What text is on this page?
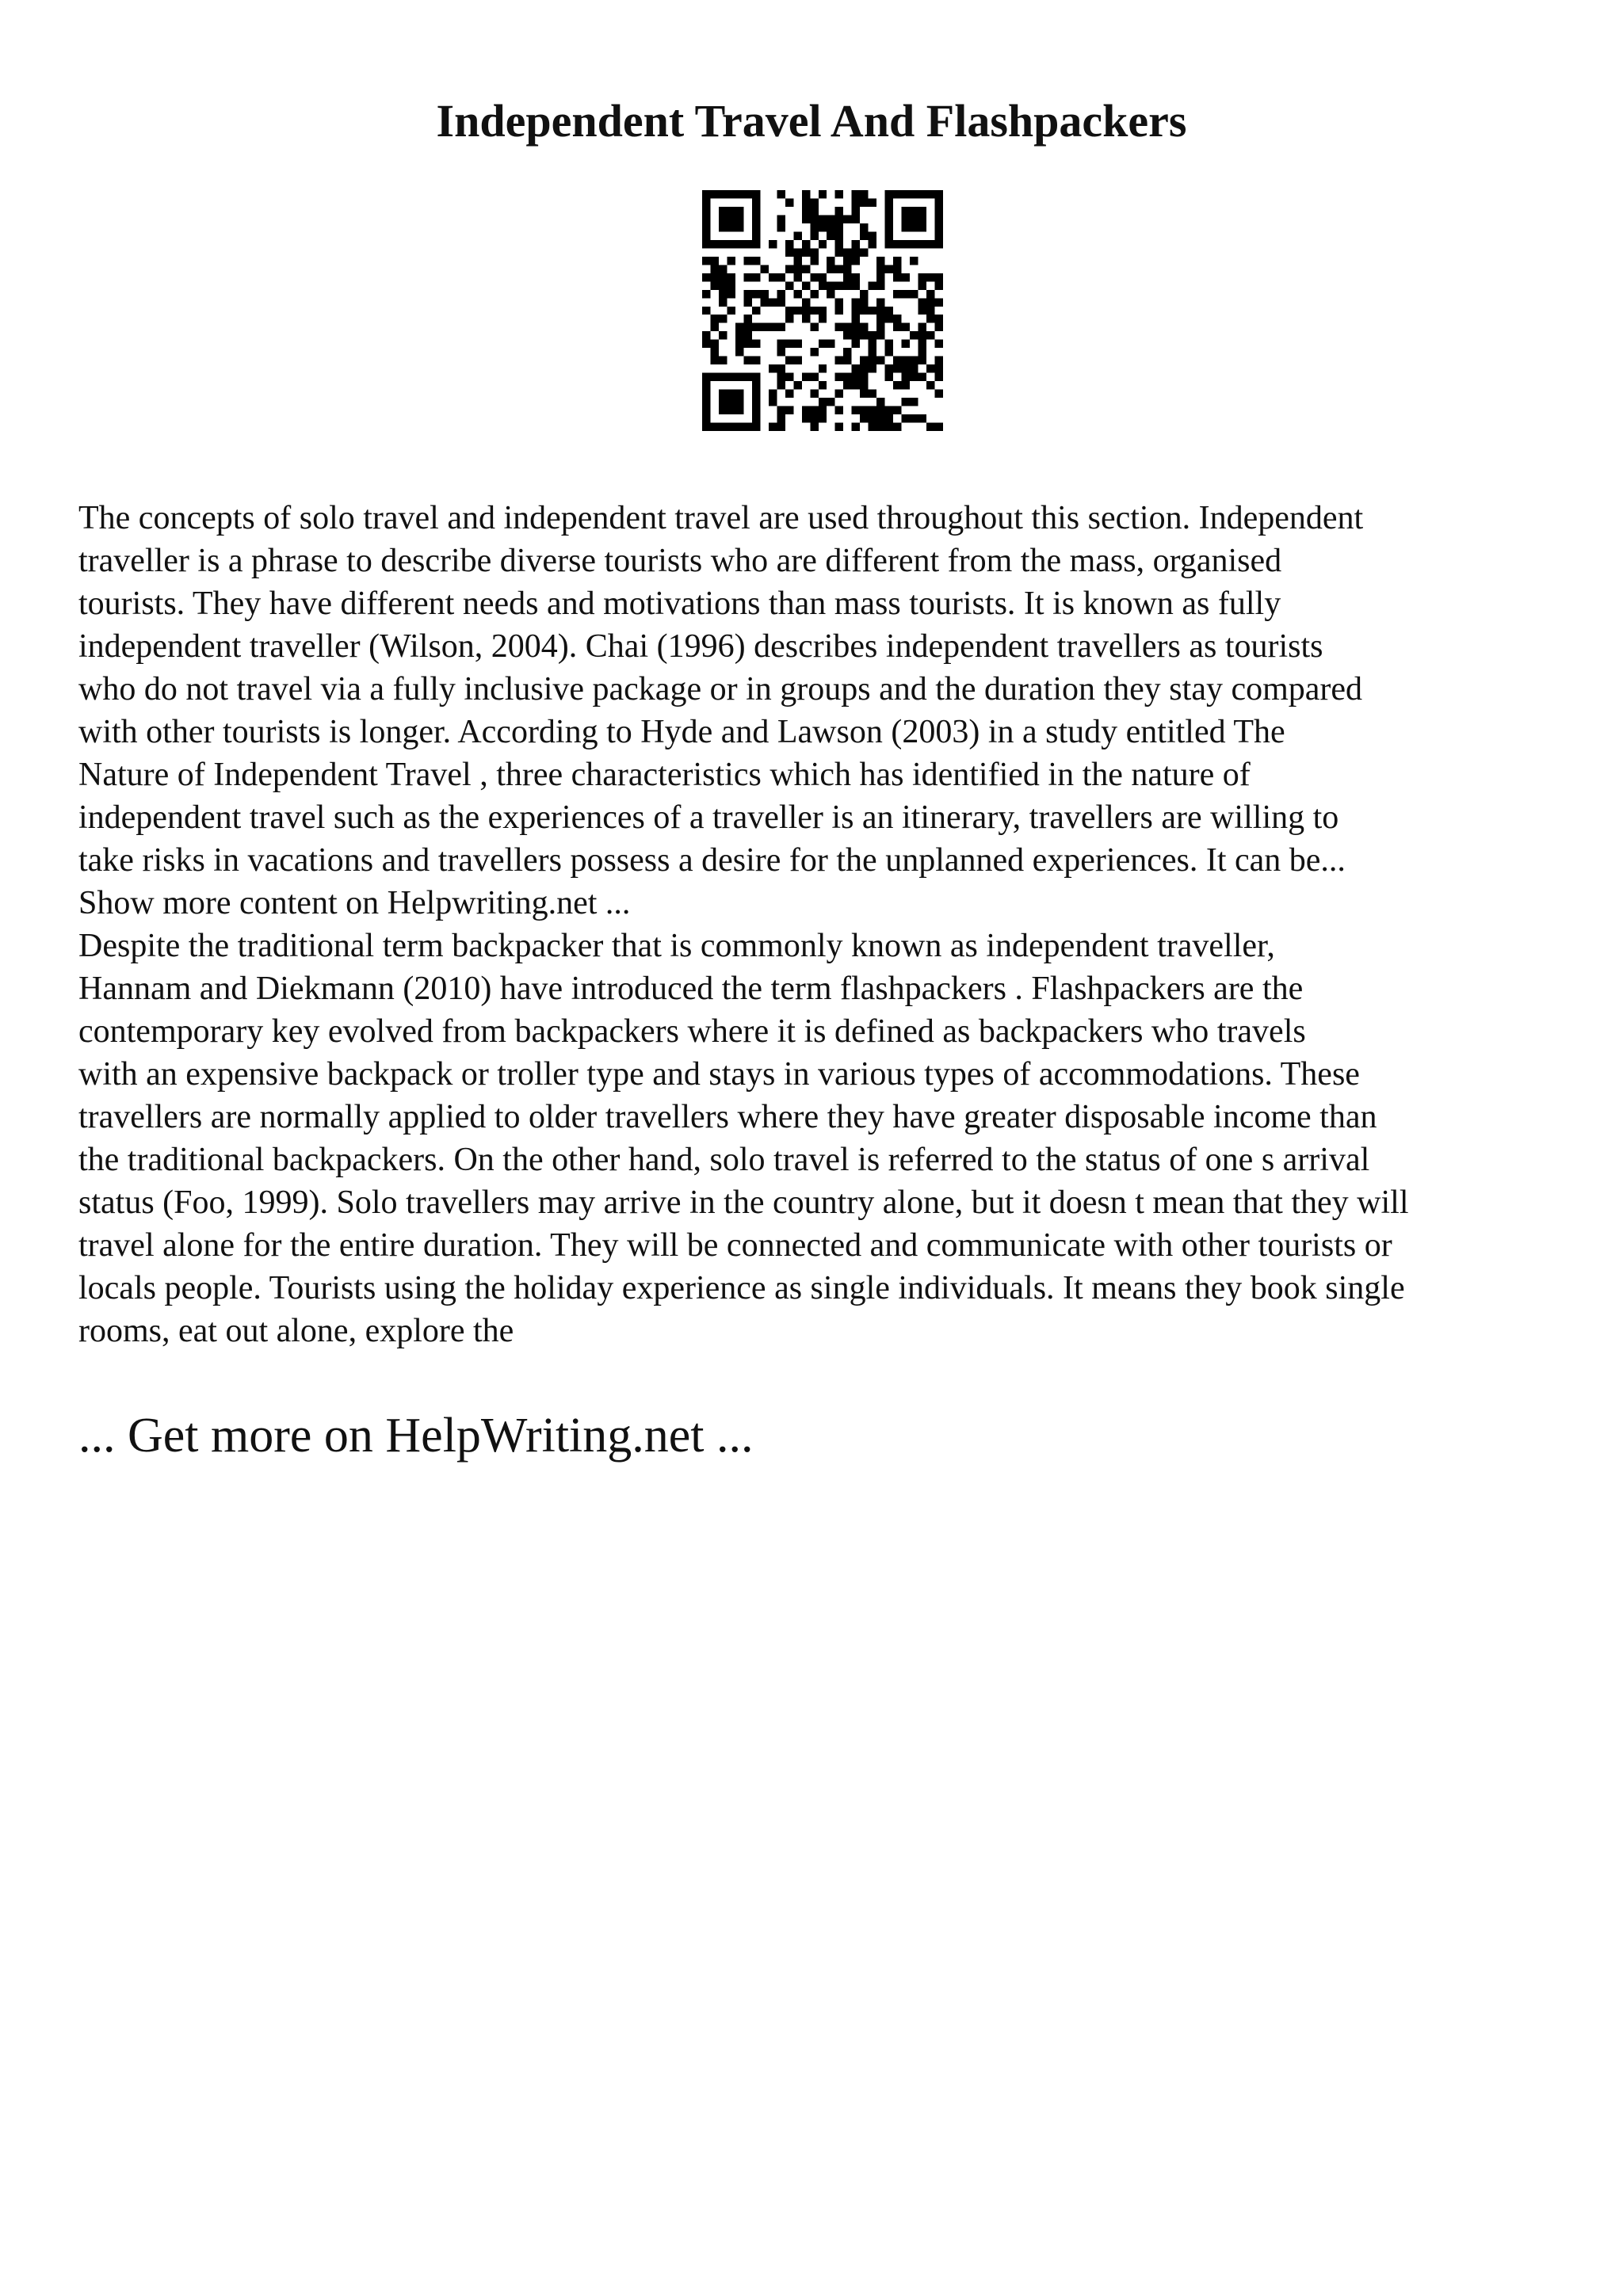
Independent Travel And Flashpackers
The concepts of solo travel and independent travel are used throughout this section. Independent
traveller is a phrase to describe diverse tourists who are different from the mass, organised
tourists. They have different needs and motivations than mass tourists. It is known as fully
independent traveller (Wilson, 2004). Chai (1996) describes independent travellers as tourists
who do not travel via a fully inclusive package or in groups and the duration they stay compared
with other tourists is longer. According to Hyde and Lawson (2003) in a study entitled The
Nature of Independent Travel , three characteristics which has identified in the nature of
independent travel such as the experiences of a traveller is an itinerary, travellers are willing to
take risks in vacations and travellers possess a desire for the unplanned experiences. It can be...
Show more content on Helpwriting.net ...
Despite the traditional term backpacker that is commonly known as independent traveller,
Hannam and Diekmann (2010) have introduced the term flashpackers . Flashpackers are the
contemporary key evolved from backpackers where it is defined as backpackers who travels
with an expensive backpack or troller type and stays in various types of accommodations. These
travellers are normally applied to older travellers where they have greater disposable income than
the traditional backpackers. On the other hand, solo travel is referred to the status of one s arrival
status (Foo, 1999). Solo travellers may arrive in the country alone, but it doesn t mean that they will
travel alone for the entire duration. They will be connected and communicate with other tourists or
locals people. Tourists using the holiday experience as single individuals. It means they book single
rooms, eat out alone, explore the
... Get more on HelpWriting.net ...
